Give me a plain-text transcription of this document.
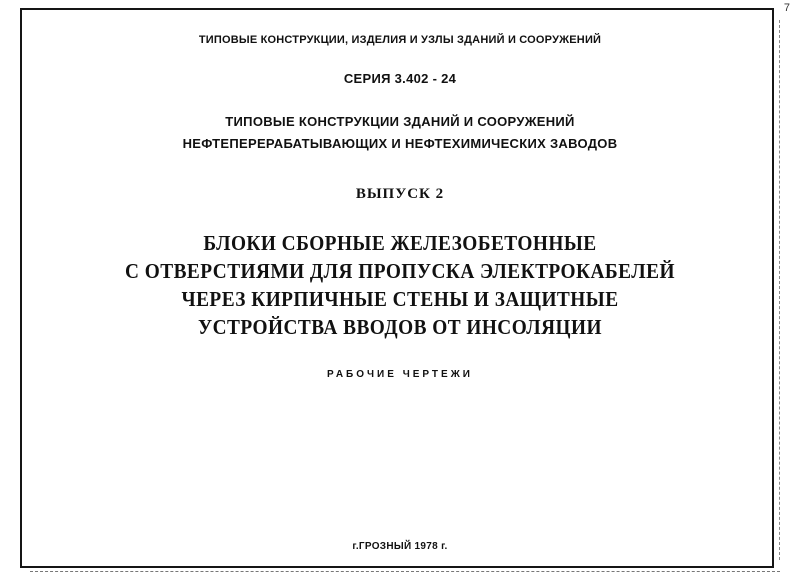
7
ТИПОВЫЕ КОНСТРУКЦИИ, ИЗДЕЛИЯ И УЗЛЫ ЗДАНИЙ И СООРУЖЕНИЙ
СЕРИЯ 3.402 - 24
ТИПОВЫЕ КОНСТРУКЦИИ ЗДАНИЙ И СООРУЖЕНИЙ
НЕФТЕПЕРЕРАБАТЫВАЮЩИХ И НЕФТЕХИМИЧЕСКИХ ЗАВОДОВ
ВЫПУСК 2
БЛОКИ СБОРНЫЕ ЖЕЛЕЗОБЕТОННЫЕ
С ОТВЕРСТИЯМИ ДЛЯ ПРОПУСКА ЭЛЕКТРОКАБЕЛЕЙ
ЧЕРЕЗ КИРПИЧНЫЕ СТЕНЫ И ЗАЩИТНЫЕ
УСТРОЙСТВА ВВОДОВ ОТ ИНСОЛЯЦИИ
РАБОЧИЕ ЧЕРТЕЖИ
г.ГРОЗНЫЙ 1978 г.
